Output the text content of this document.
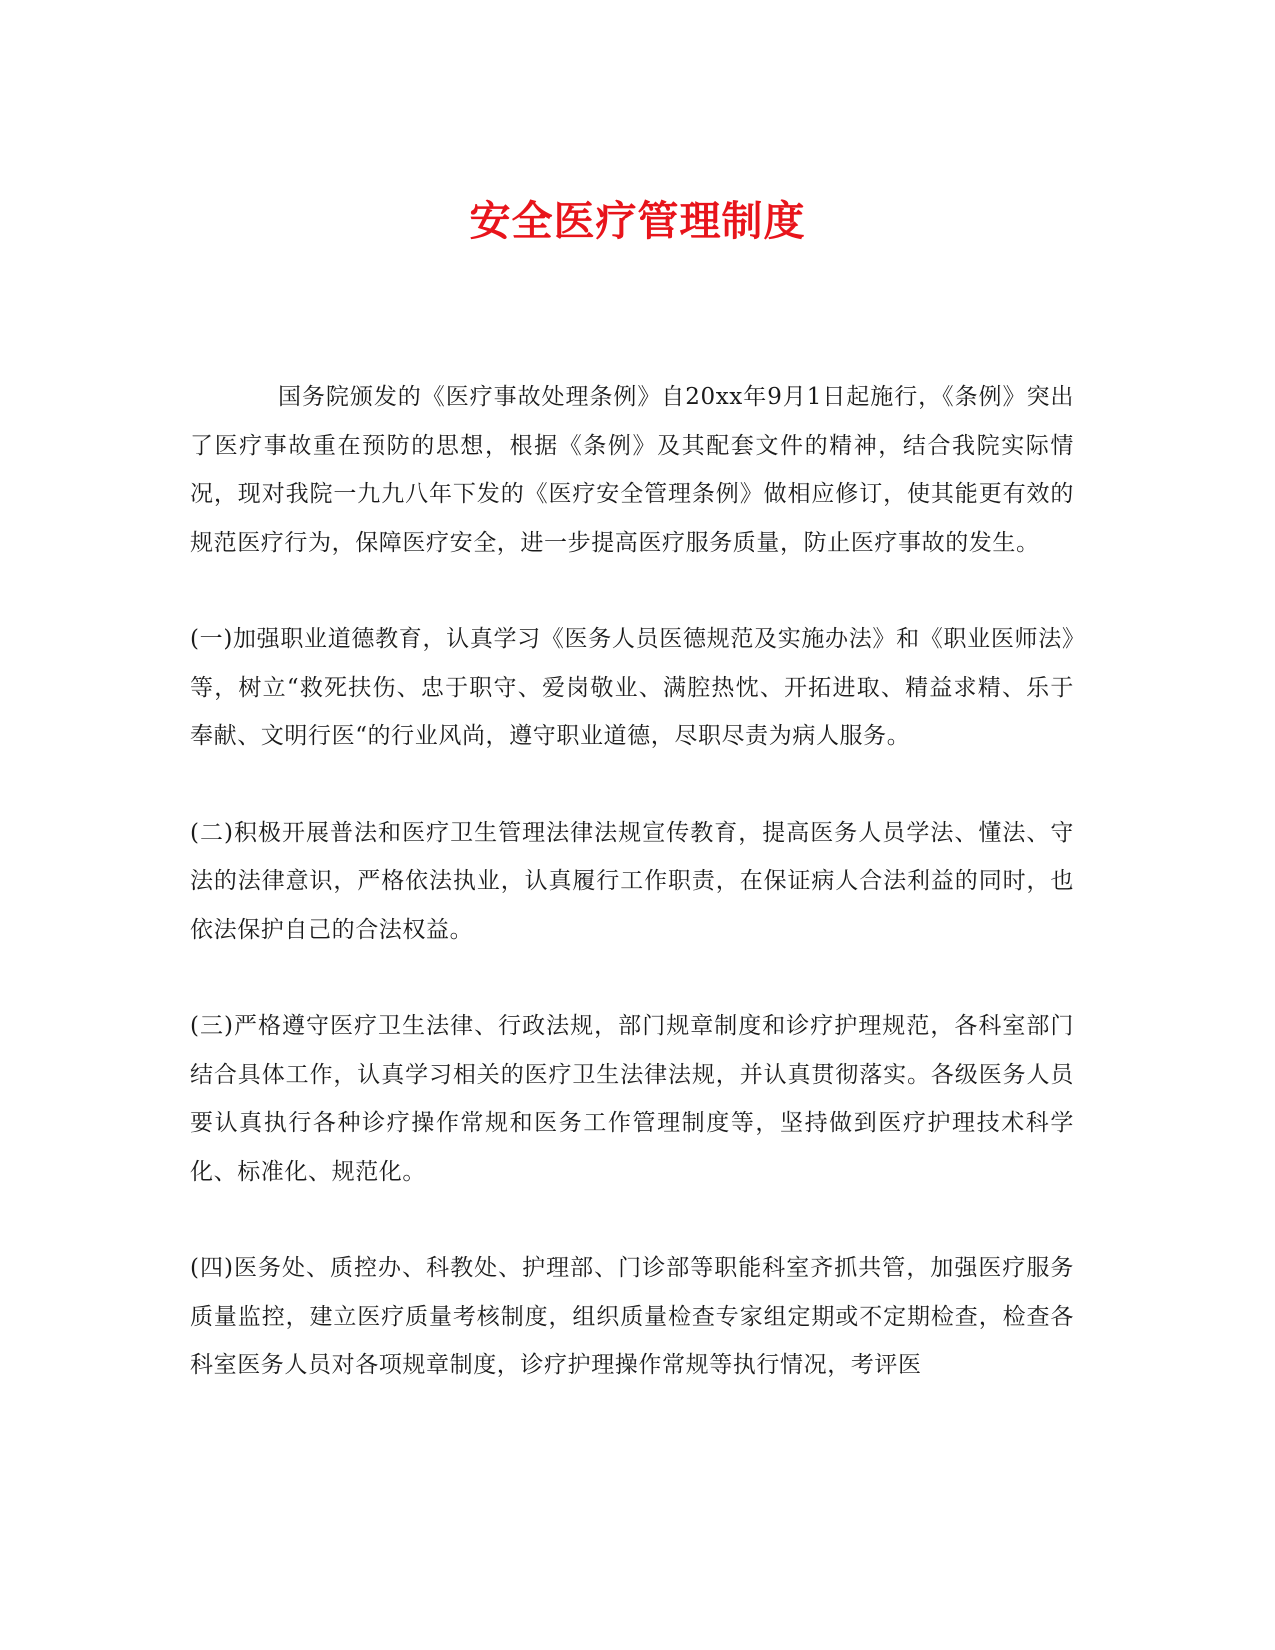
安全医疗管理制度

国务院颁发的《医疗事故处理条例》自20xx年9月1日起施行，《条例》突出了医疗事故重在预防的思想，根据《条例》及其配套文件的精神，结合我院实际情况，现对我院一九九八年下发的《医疗安全管理条例》做相应修订，使其能更有效的规范医疗行为，保障医疗安全，进一步提高医疗服务质量，防止医疗事故的发生。

(一)加强职业道德教育，认真学习《医务人员医德规范及实施办法》和《职业医师法》等，树立“救死扶伤、忠于职守、爱岗敬业、满腔热忱、开拓进取、精益求精、乐于奉献、文明行医“的行业风尚，遵守职业道德，尽职尽责为病人服务。

(二)积极开展普法和医疗卫生管理法律法规宣传教育，提高医务人员学法、懂法、守法的法律意识，严格依法执业，认真履行工作职责，在保证病人合法利益的同时，也依法保护自己的合法权益。

(三)严格遵守医疗卫生法律、行政法规，部门规章制度和诊疗护理规范，各科室部门结合具体工作，认真学习相关的医疗卫生法律法规，并认真贯彻落实。各级医务人员要认真执行各种诊疗操作常规和医务工作管理制度等，坚持做到医疗护理技术科学化、标准化、规范化。

(四)医务处、质控办、科教处、护理部、门诊部等职能科室齐抓共管，加强医疗服务质量监控，建立医疗质量考核制度，组织质量检查专家组定期或不定期检查，检查各科室医务人员对各项规章制度，诊疗护理操作常规等执行情况，考评医
